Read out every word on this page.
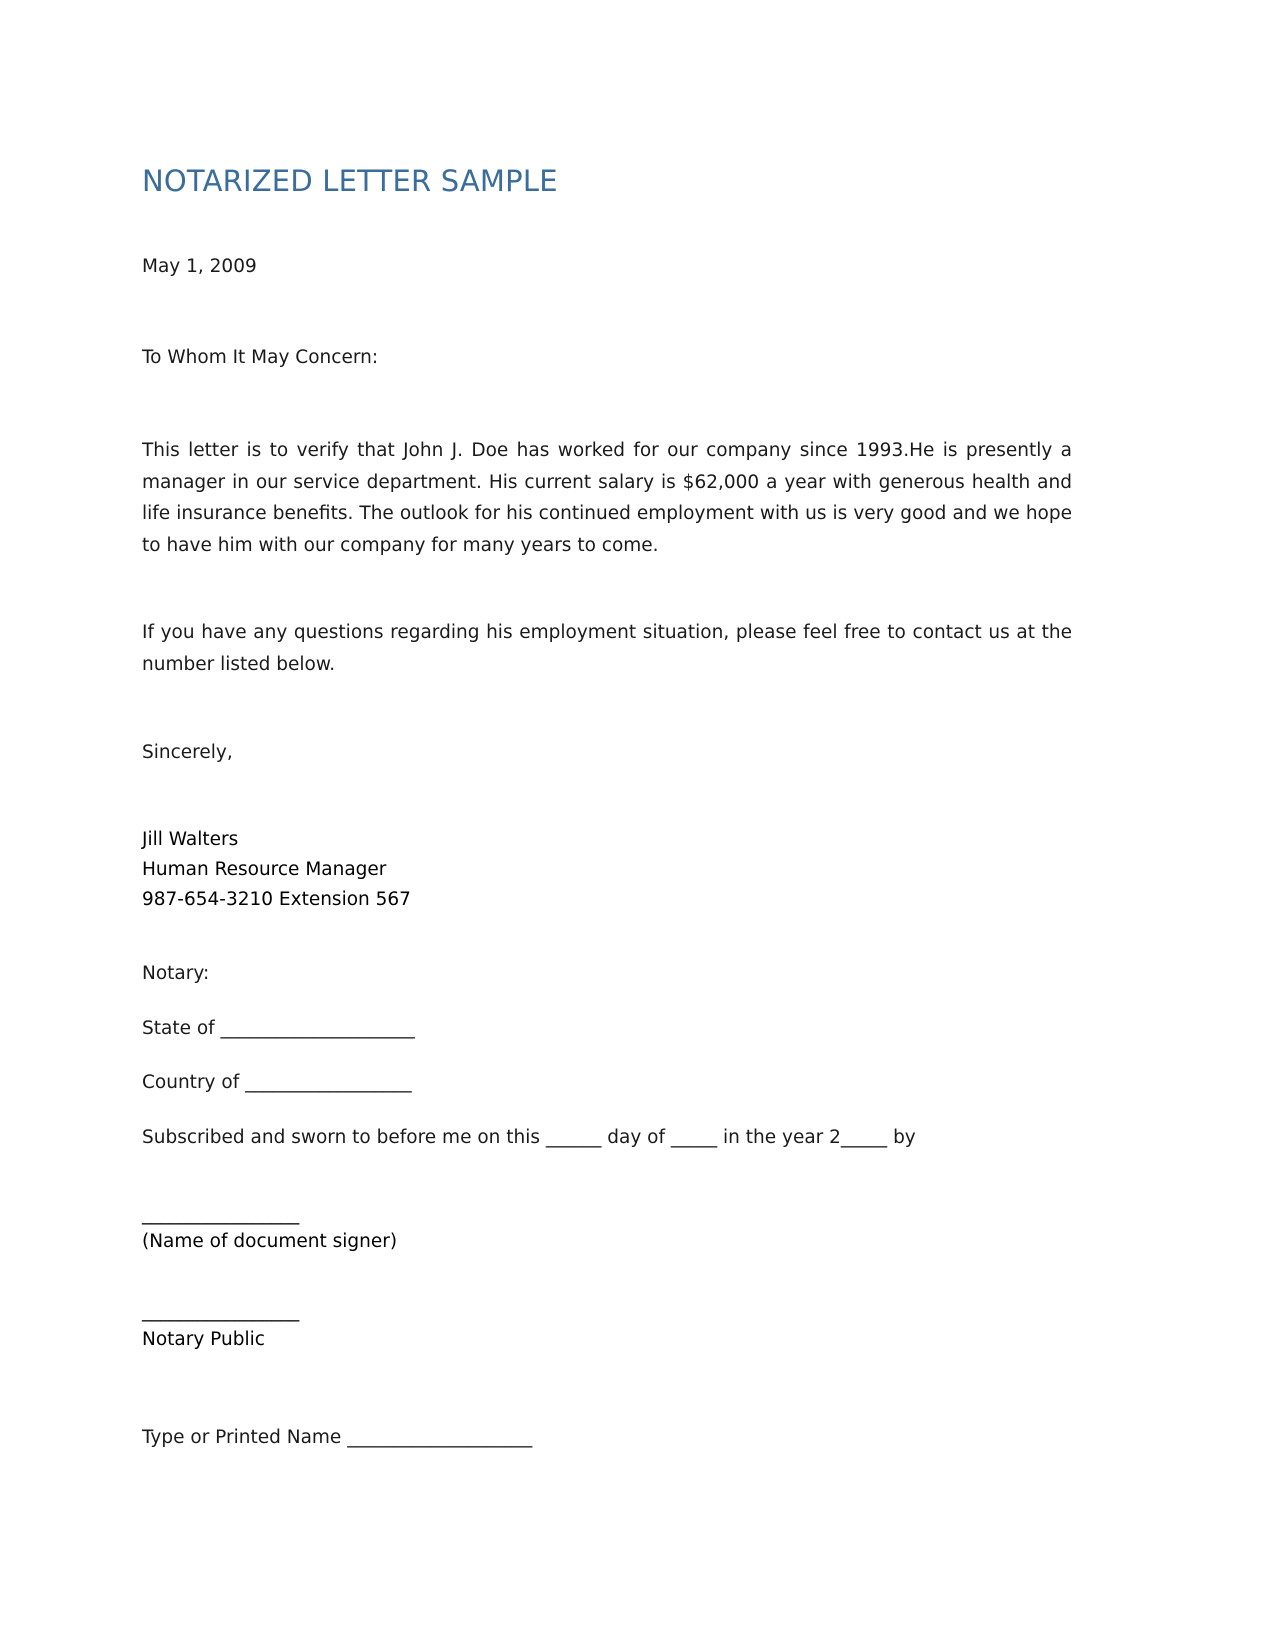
NOTARIZED LETTER SAMPLE
May 1, 2009
To Whom It May Concern:
This letter is to verify that John J. Doe has worked for our company since 1993.He is presently a manager in our service department. His current salary is $62,000 a year with generous health and life insurance benefits. The outlook for his continued employment with us is very good and we hope to have him with our company for many years to come.
If you have any questions regarding his employment situation, please feel free to contact us at the number listed below.
Sincerely,
Jill Walters
Human Resource Manager
987-654-3210 Extension 567
Notary:
State of _____________________
Country of __________________
Subscribed and sworn to before me on this ______ day of _____ in the year 2_____ by
_________________
(Name of document signer)
_________________
Notary Public
Type or Printed Name ____________________
